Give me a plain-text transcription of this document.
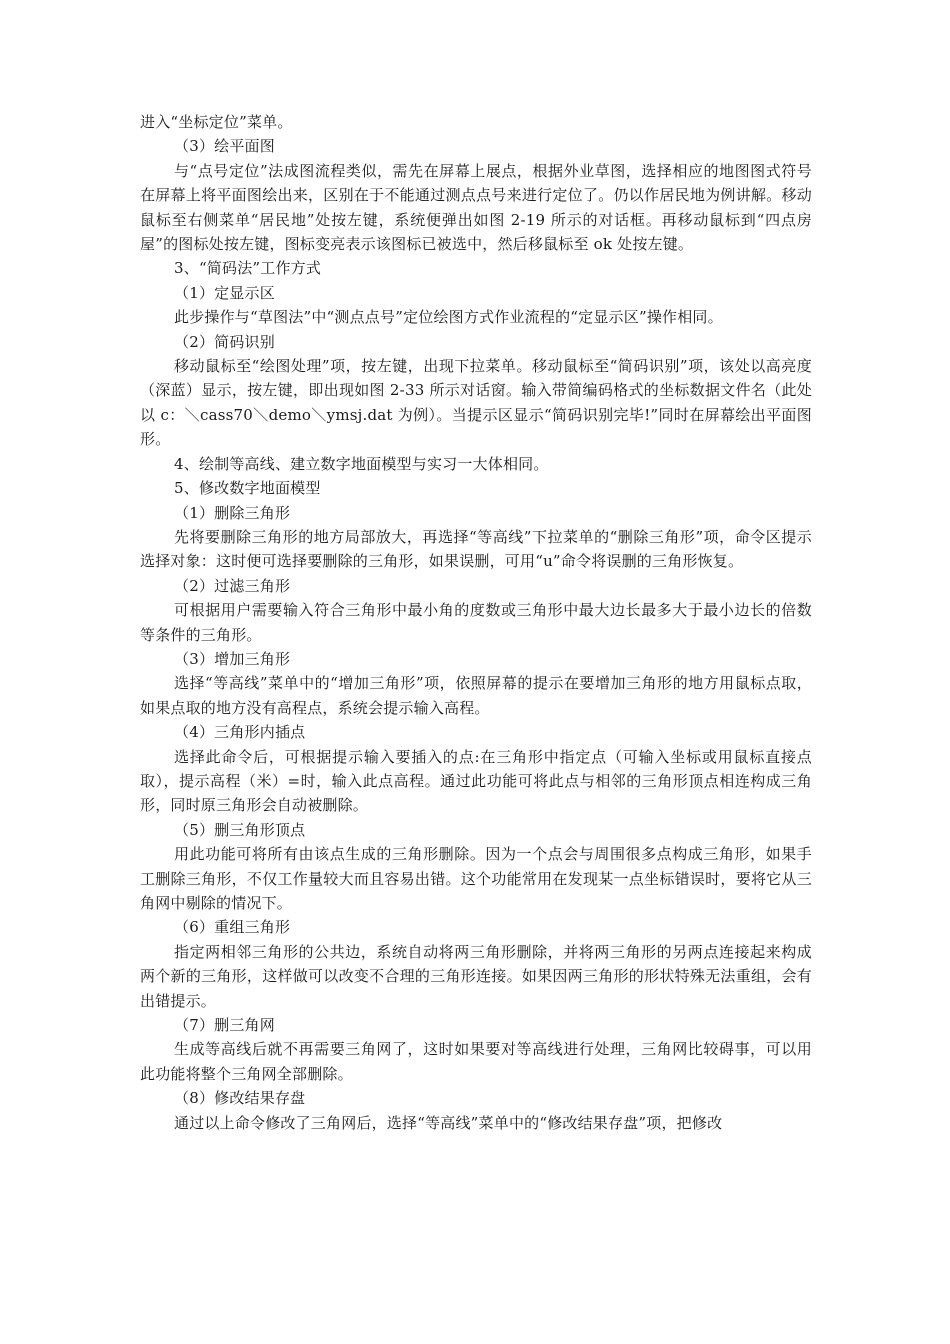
进入“坐标定位”菜单。

（3）绘平面图

与“点号定位”法成图流程类似，需先在屏幕上展点，根据外业草图，选择相应的地图图式符号在屏幕上将平面图绘出来，区别在于不能通过测点点号来进行定位了。仍以作居民地为例讲解。移动鼠标至右侧菜单“居民地”处按左键，系统便弹出如图 2-19 所示的对话框。再移动鼠标到“四点房屋”的图标处按左键，图标变亮表示该图标已被选中，然后移鼠标至 ok 处按左键。

3、“简码法”工作方式

（1）定显示区

此步操作与“草图法”中“测点点号”定位绘图方式作业流程的“定显示区”操作相同。

（2）简码识别

移动鼠标至“绘图处理”项，按左键，出现下拉菜单。移动鼠标至“简码识别”项，该处以高亮度（深蓝）显示，按左键，即出现如图 2-33 所示对话窗。输入带简编码格式的坐标数据文件名（此处以 c：＼cass70＼demo＼ymsj.dat 为例）。当提示区显示“简码识别完毕!”同时在屏幕绘出平面图形。

4、绘制等高线、建立数字地面模型与实习一大体相同。

5、修改数字地面模型

（1）删除三角形

先将要删除三角形的地方局部放大，再选择“等高线”下拉菜单的“删除三角形”项，命令区提示选择对象：这时便可选择要删除的三角形，如果误删，可用“u”命令将误删的三角形恢复。

（2）过滤三角形

可根据用户需要输入符合三角形中最小角的度数或三角形中最大边长最多大于最小边长的倍数等条件的三角形。

（3）增加三角形

选择“等高线”菜单中的“增加三角形”项，依照屏幕的提示在要增加三角形的地方用鼠标点取，如果点取的地方没有高程点，系统会提示输入高程。

（4）三角形内插点

选择此命令后，可根据提示输入要插入的点:在三角形中指定点（可输入坐标或用鼠标直接点取），提示高程（米）=时，输入此点高程。通过此功能可将此点与相邻的三角形顶点相连构成三角形，同时原三角形会自动被删除。

（5）删三角形顶点

用此功能可将所有由该点生成的三角形删除。因为一个点会与周围很多点构成三角形，如果手工删除三角形，不仅工作量较大而且容易出错。这个功能常用在发现某一点坐标错误时，要将它从三角网中剔除的情况下。

（6）重组三角形

指定两相邻三角形的公共边，系统自动将两三角形删除，并将两三角形的另两点连接起来构成两个新的三角形，这样做可以改变不合理的三角形连接。如果因两三角形的形状特殊无法重组，会有出错提示。

（7）删三角网

生成等高线后就不再需要三角网了，这时如果要对等高线进行处理，三角网比较碍事，可以用此功能将整个三角网全部删除。

（8）修改结果存盘

通过以上命令修改了三角网后，选择“等高线”菜单中的“修改结果存盘”项，把修改
